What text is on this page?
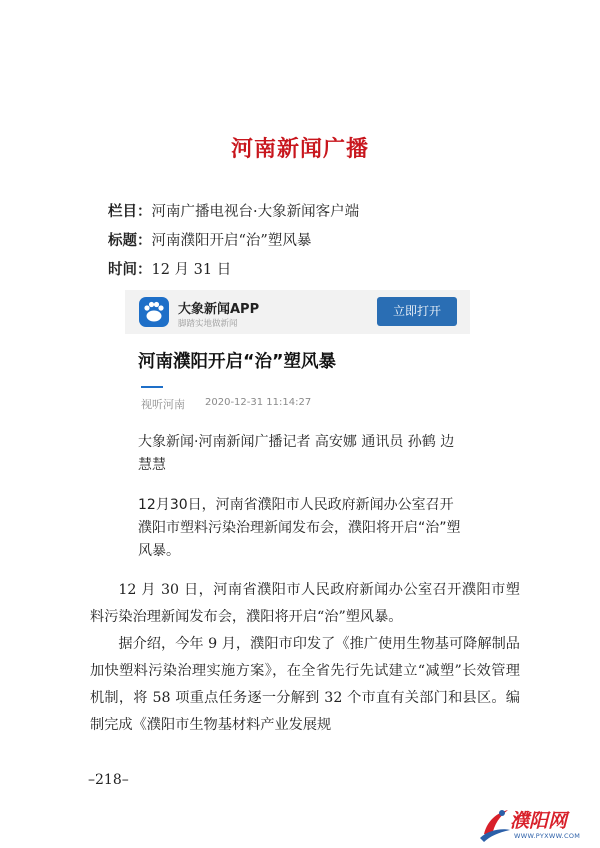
河南新闻广播
栏目：河南广播电视台·大象新闻客户端
标题：河南濮阳开启“治”塑风暴
时间：12 月 31 日
大象新闻APP
脚踏实地做新闻
立即打开
河南濮阳开启“治”塑风暴
视听河南 2020-12-31 11:14:27
大象新闻·河南新闻广播记者 高安娜 通讯员 孙鹤 边慧慧
12月30日，河南省濮阳市人民政府新闻办公室召开濮阳市塑料污染治理新闻发布会，濮阳将开启“治”塑风暴。
12 月 30 日，河南省濮阳市人民政府新闻办公室召开濮阳市塑料污染治理新闻发布会，濮阳将开启“治”塑风暴。
据介绍，今年 9 月，濮阳市印发了《推广使用生物基可降解制品 加快塑料污染治理实施方案》，在全省先行先试建立“减塑”长效管理机制，将 58 项重点任务逐一分解到 32 个市直有关部门和县区。编制完成《濮阳市生物基材料产业发展规
–218–
濮阳网
WWW.PYXWW.COM
